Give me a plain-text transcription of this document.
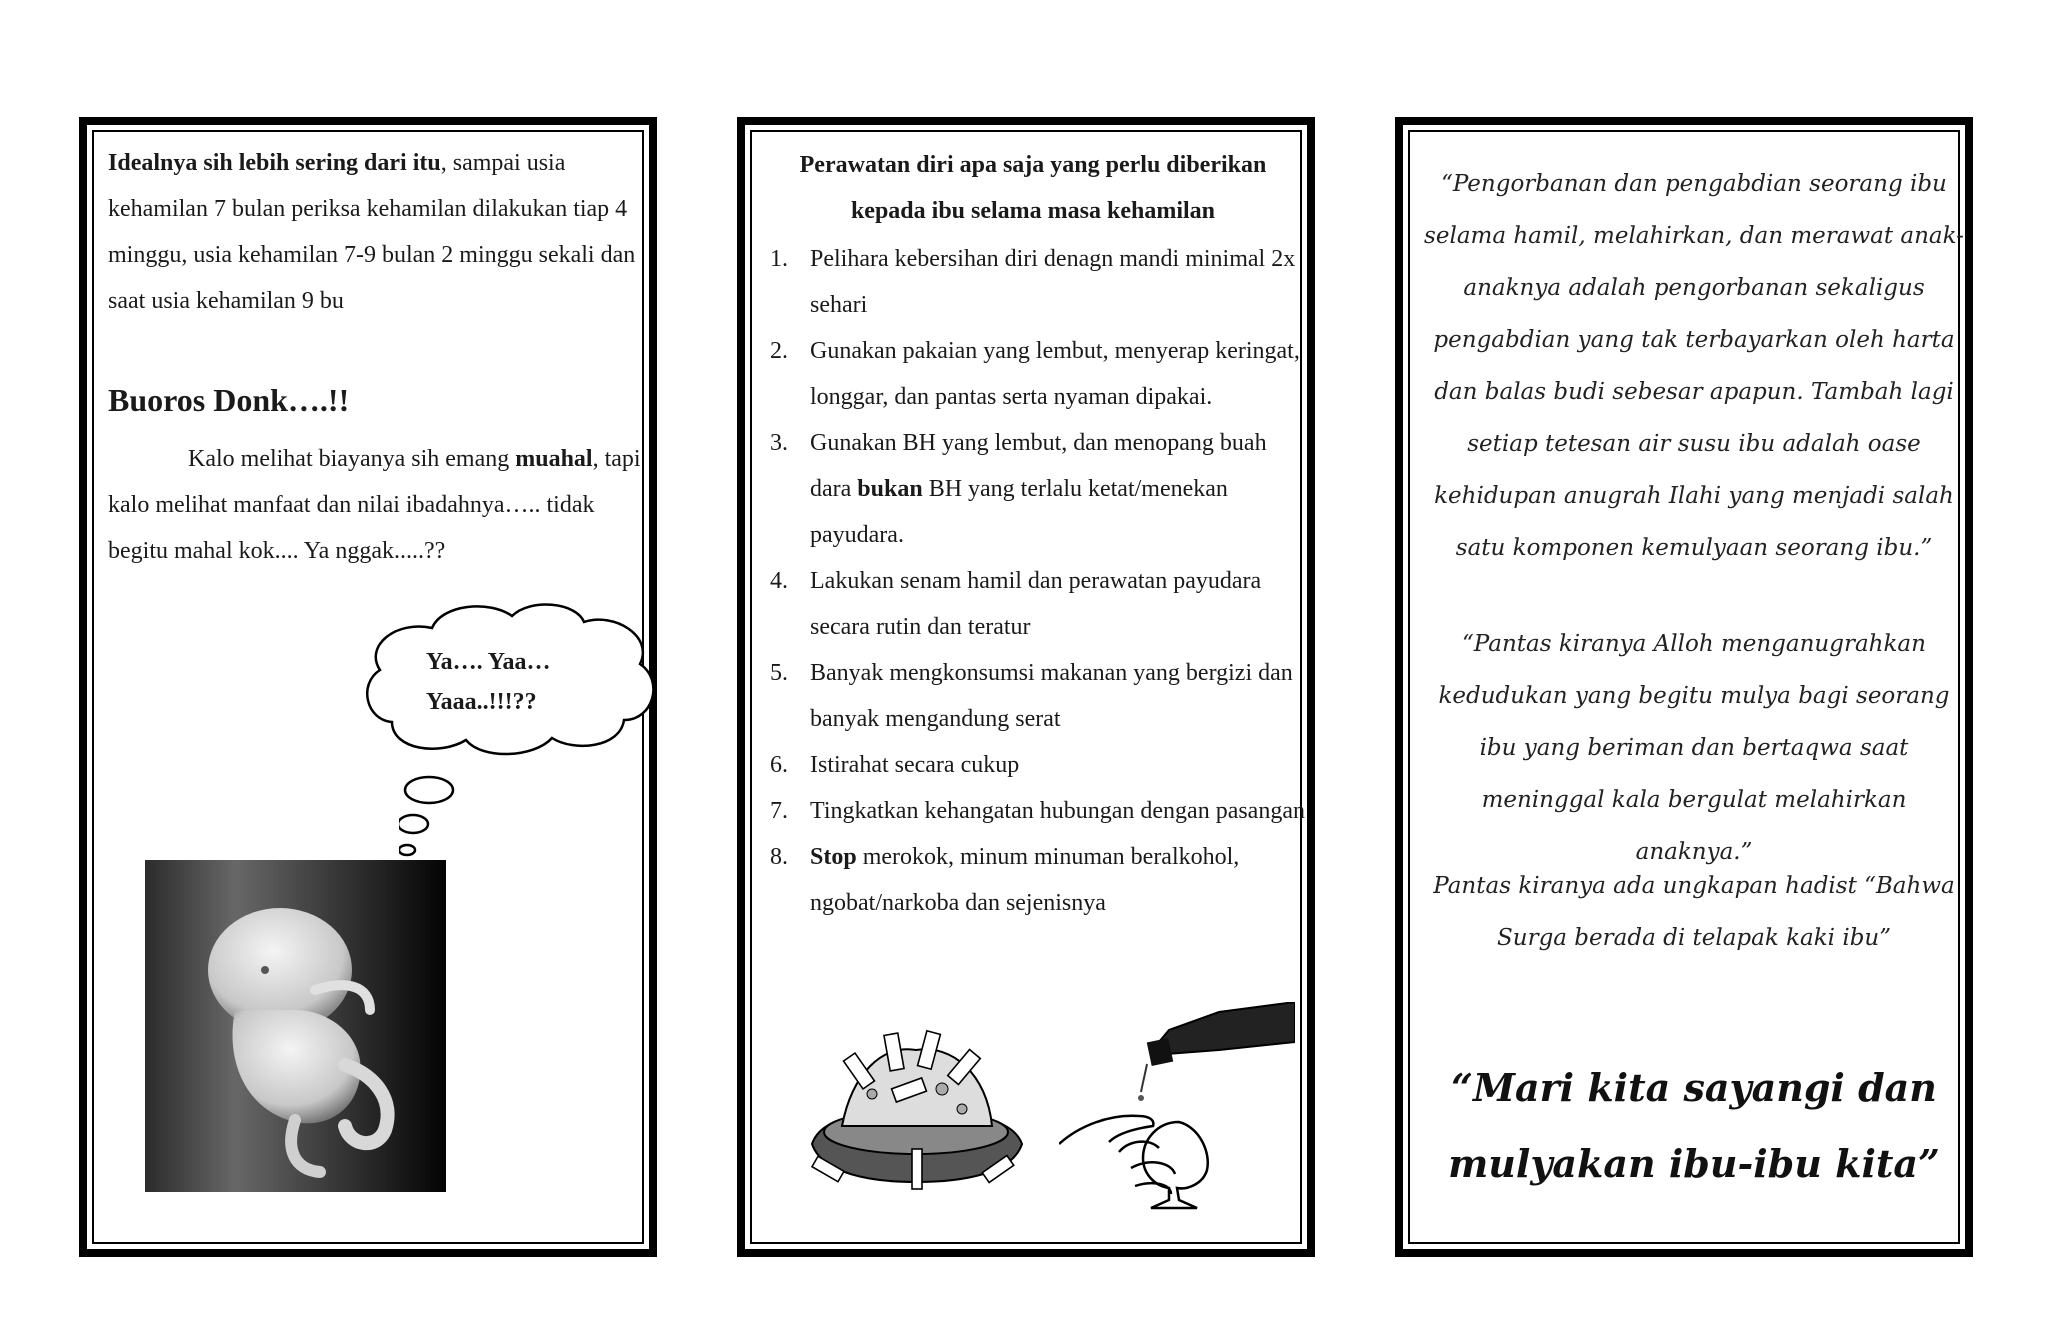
Idealnya sih lebih sering dari itu, sampai usia kehamilan 7 bulan periksa kehamilan dilakukan tiap 4 minggu, usia kehamilan 7-9 bulan 2 minggu sekali dan saat usia kehamilan 9 bu
Buoros Donk….!!
Kalo melihat biayanya sih emang muahal, tapi kalo melihat manfaat dan nilai ibadahnya….. tidak begitu mahal kok.... Ya nggak.....??
Ya…. Yaa…
Yaaa..!!!??
Perawatan diri apa saja yang perlu diberikan kepada ibu selama masa kehamilan
1. Pelihara kebersihan diri denagn mandi minimal 2x sehari
2. Gunakan pakaian yang lembut, menyerap keringat, longgar, dan pantas serta nyaman dipakai.
3. Gunakan BH yang lembut, dan menopang buah dara bukan BH yang terlalu ketat/menekan payudara.
4. Lakukan senam hamil dan perawatan payudara secara rutin dan teratur
5. Banyak mengkonsumsi makanan yang bergizi dan banyak mengandung serat
6. Istirahat secara cukup
7. Tingkatkan kehangatan hubungan dengan pasangan
8. Stop merokok, minum minuman beralkohol, ngobat/narkoba dan sejenisnya
“Pengorbanan dan pengabdian seorang ibu selama hamil, melahirkan, dan merawat anak-anaknya adalah pengorbanan sekaligus pengabdian yang tak terbayarkan oleh harta dan balas budi sebesar apapun. Tambah lagi setiap tetesan air susu ibu adalah oase kehidupan anugrah Ilahi yang menjadi salah satu komponen kemulyaan seorang ibu.”
“Pantas kiranya Alloh menganugrahkan kedudukan yang begitu mulya bagi seorang ibu yang beriman dan bertaqwa saat meninggal kala bergulat melahirkan anaknya.”
Pantas kiranya ada ungkapan hadist “Bahwa Surga berada di telapak kaki ibu”
“Mari kita sayangi dan mulyakan ibu-ibu kita”
